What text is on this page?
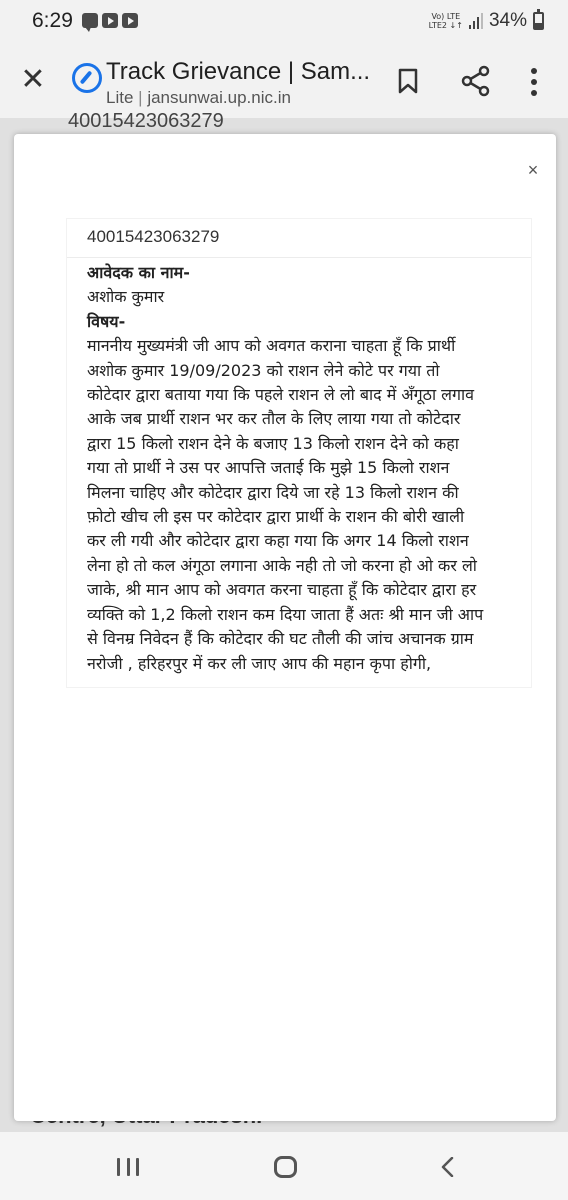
6:29	Vo) LTE
LTE2 ↓↑ 34%
✕	Track Grievance | Sam...
Lite | jansunwai.up.nic.in
40015423063279
×
40015423063279
आवेदक का नाम-
अशोक कुमार
विषय-
माननीय मुख्यमंत्री जी आप को अवगत कराना चाहता हूँ कि प्रार्थी
अशोक कुमार 19/09/2023 को राशन लेने कोटे पर गया तो
कोटेदार द्वारा बताया गया कि पहले राशन ले लो बाद में अँगूठा लगाव
आके जब प्रार्थी राशन भर कर तौल के लिए लाया गया तो कोटेदार
द्वारा 15 किलो राशन देने के बजाए 13 किलो राशन देने को कहा
गया तो प्रार्थी ने उस पर आपत्ति जताई कि मुझे 15 किलो राशन
मिलना चाहिए और कोटेदार द्वारा दिये जा रहे 13 किलो राशन की
फ़ोटो खीच ली इस पर कोटेदार द्वारा प्रार्थी के राशन की बोरी खाली
कर ली गयी और कोटेदार द्वारा कहा गया कि अगर 14 किलो राशन
लेना हो तो कल अंगूठा लगाना आके नही तो जो करना हो ओ कर लो
जाके, श्री मान आप को अवगत करना चाहता हूँ कि कोटेदार द्वारा हर
व्यक्ति को 1,2 किलो राशन कम दिया जाता हैं अतः श्री मान जी आप
से विनम्र निवेदन हैं कि कोटेदार की घट तौली की जांच अचानक ग्राम
नरोजी , हरिहरपुर में कर ली जाए आप की महान कृपा होगी,
